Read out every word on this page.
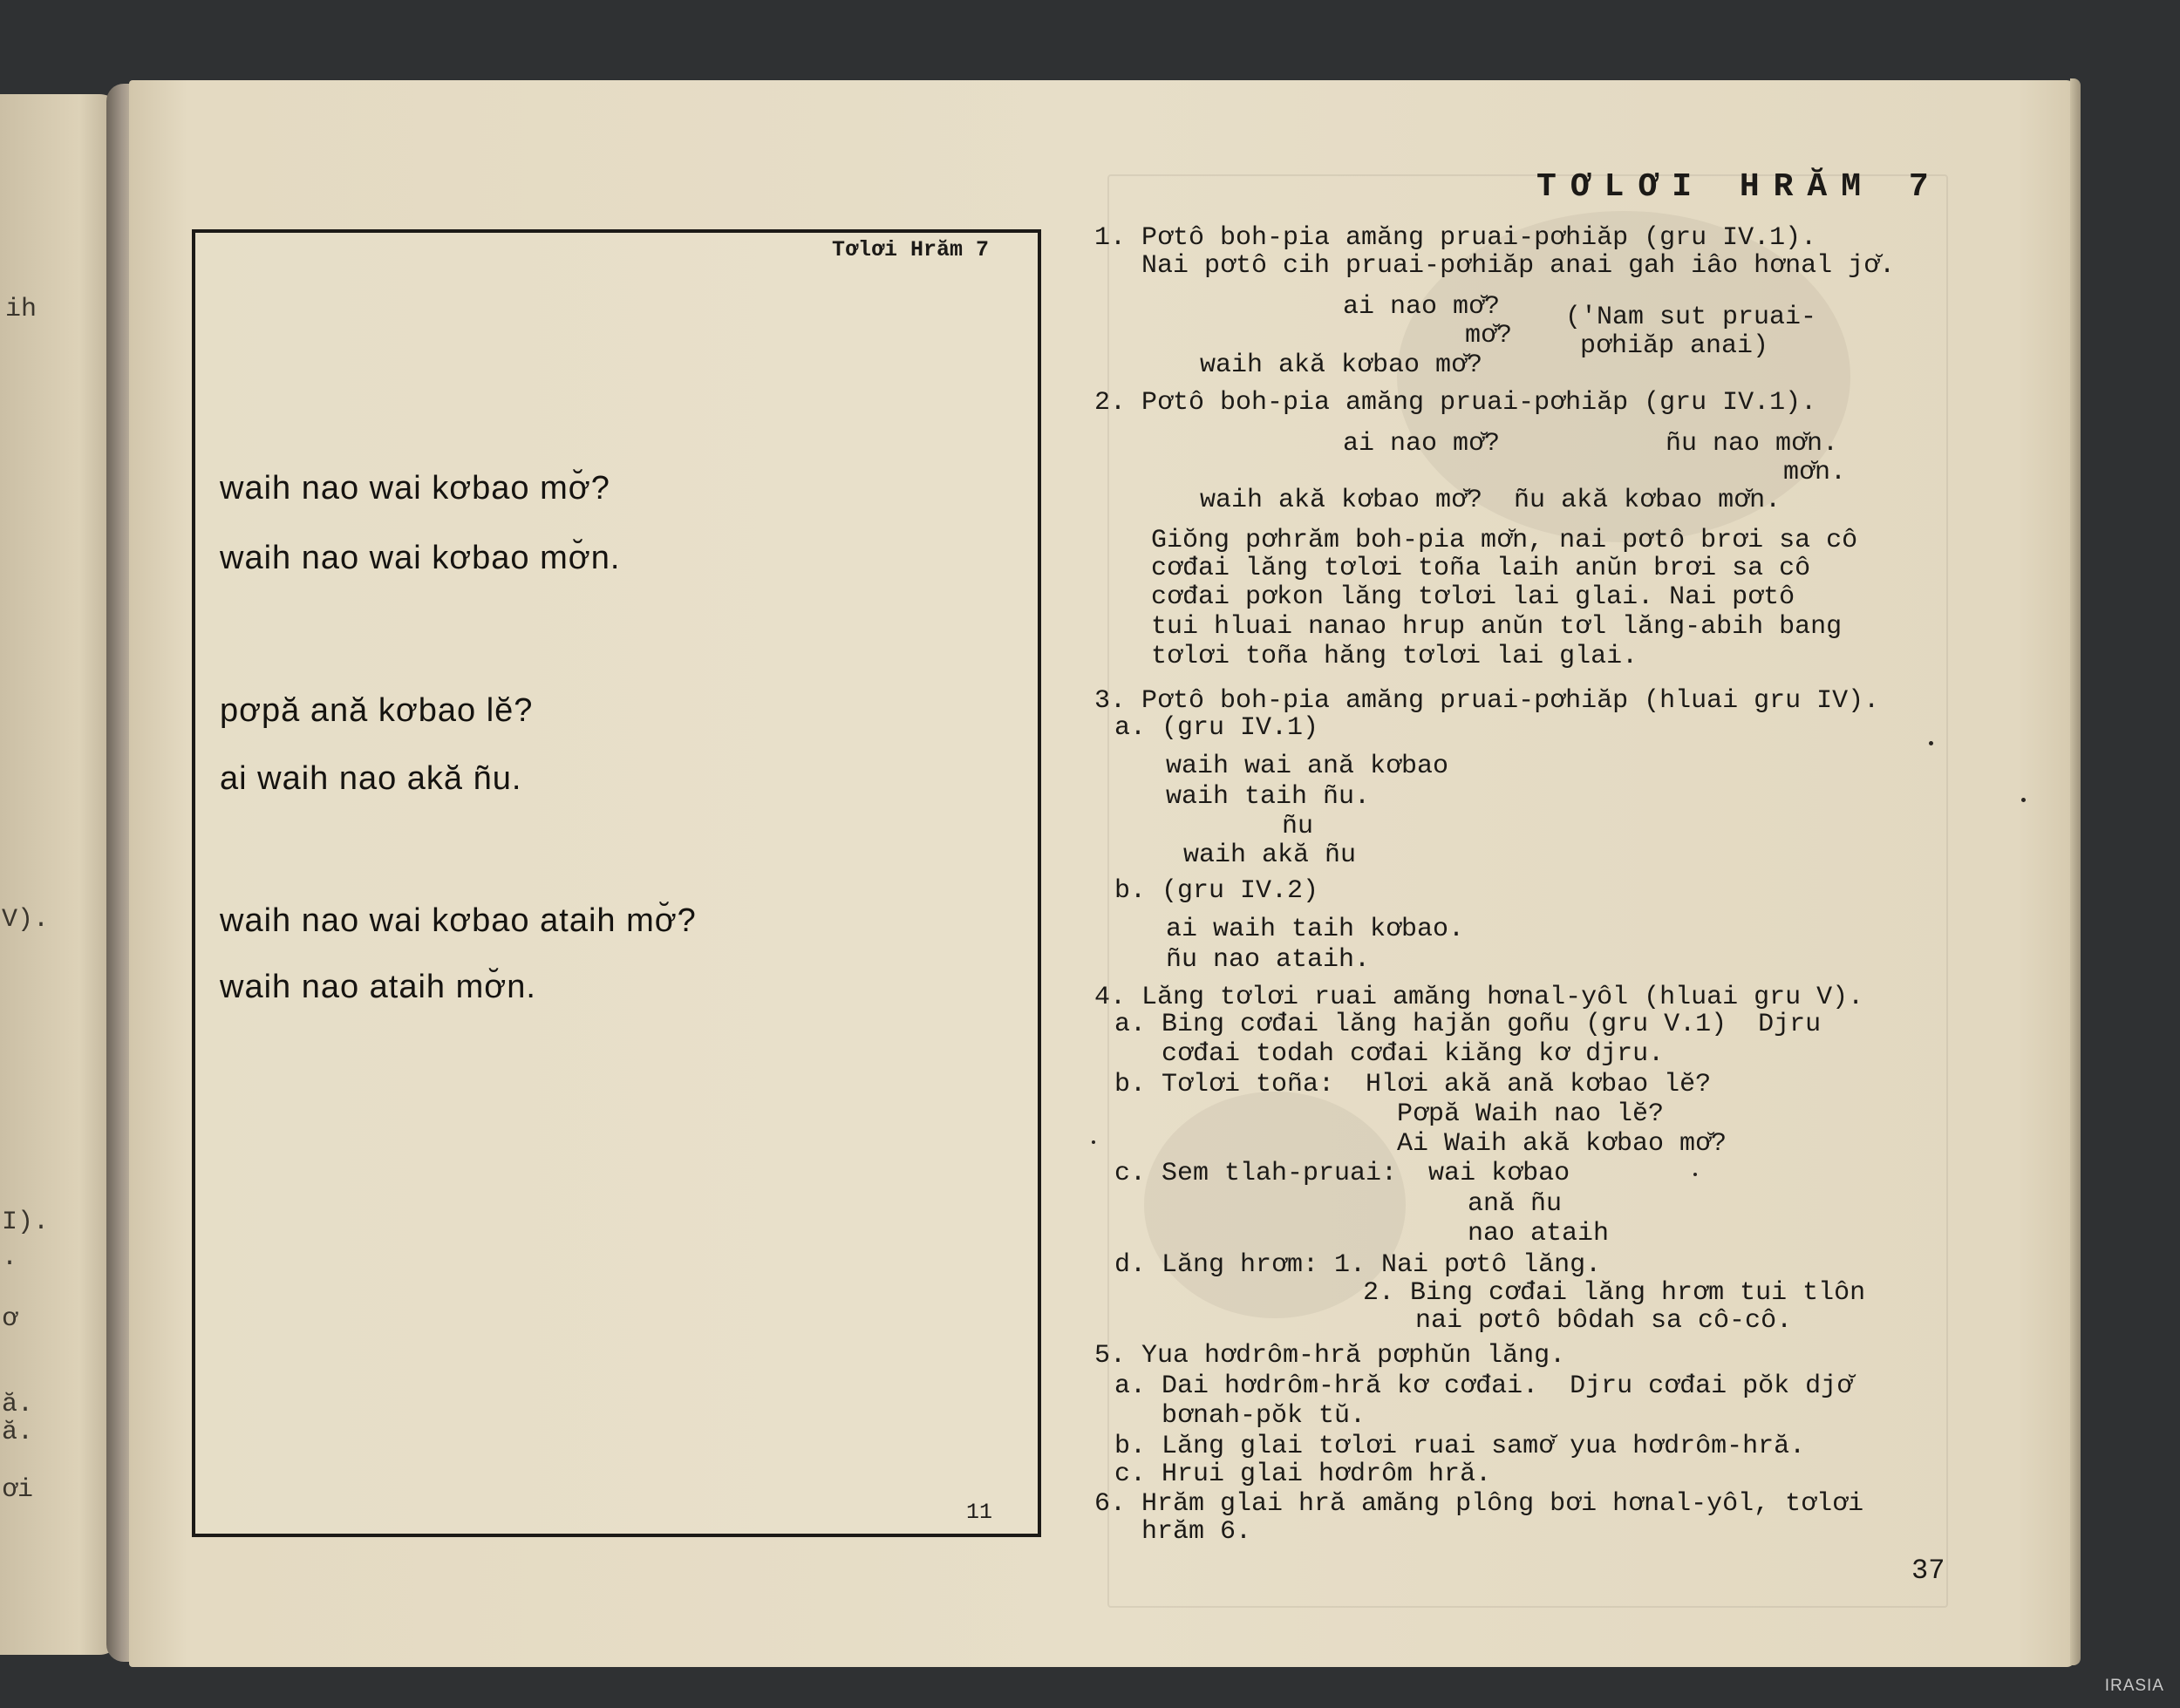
ih
V).
I).
.
ơ
ă.
ă.
ơi
Tơlơi Hrăm 7
waih nao wai kơbao mơ̆?
waih nao wai kơbao mơ̆n.
pơpă ană kơbao lĕ?
ai waih nao akă ñu.
waih nao wai kơbao ataih mơ̆?
waih nao ataih mơ̆n.
11
TƠLƠI HRĂM 7
1. Pơtô boh-pia amăng pruai-pơhiăp (gru IV.1).
Nai pơtô cih pruai-pơhiăp anai gah iâo hơnal jơ̆.
ai nao mơ̆? ('Nam sut pruai-
mơ̆?	pơhiăp anai)
waih akă kơbao mơ̆?
2. Pơtô boh-pia amăng pruai-pơhiăp (gru IV.1).
ai nao mơ̆?	ñu nao mơ̆n.
mơ̆n.
waih akă kơbao mơ̆?  ñu akă kơbao mơ̆n.
Giŏng pơhrăm boh-pia mơ̆n, nai pơtô brơi sa cô
cơđai lăng tơlơi toña laih anŭn brơi sa cô
cơđai pơkon lăng tơlơi lai glai. Nai pơtô
tui hluai nanao hrup anŭn tơl lăng-abih bang
tơlơi toña hăng tơlơi lai glai.
3. Pơtô boh-pia amăng pruai-pơhiăp (hluai gru IV).
a. (gru IV.1)
waih wai ană kơbao
waih taih ñu.
ñu
waih akă ñu
b. (gru IV.2)
ai waih taih kơbao.
ñu nao ataih.
4. Lăng tơlơi ruai amăng hơnal-yôl (hluai gru V).
a. Bing cơđai lăng hajăn goñu (gru V.1)  Djru
cơđai todah cơđai kiăng kơ djru.
b. Tơlơi toña:  Hlơi akă ană kơbao lĕ?
Pơpă Waih nao lĕ?
Ai Waih akă kơbao mơ̆?
c. Sem tlah-pruai:  wai kơbao
ană ñu
nao ataih
d. Lăng hrơm: 1. Nai pơtô lăng.
2. Bing cơđai lăng hrơm tui tlôn
nai pơtô bôdah sa cô-cô.
5. Yua hơdrôm-hră pơphŭn lăng.
a. Dai hơdrôm-hră kơ cơđai.  Djru cơđai pŏk djơ̆
bơnah-pŏk tŭ.
b. Lăng glai tơlơi ruai samơ̆ yua hơdrôm-hră.
c. Hrui glai hơdrôm hră.
6. Hrăm glai hră amăng plông bơi hơnal-yôl, tơlơi
hrăm 6.
37
IRASIA
